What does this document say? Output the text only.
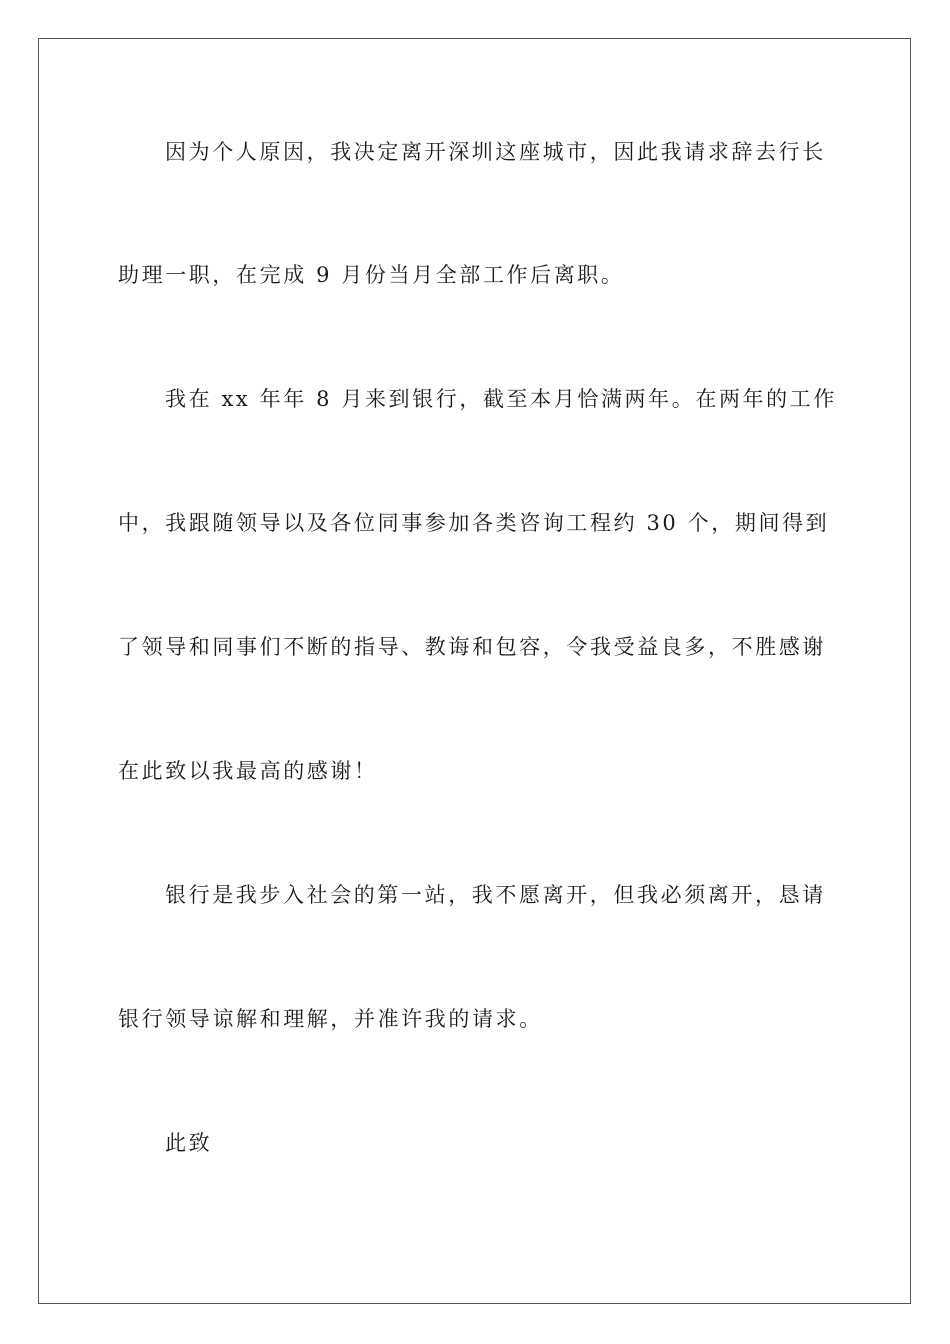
因为个人原因，我决定离开深圳这座城市，因此我请求辞去行长
助理一职，在完成 9 月份当月全部工作后离职。
我在 xx 年年 8 月来到银行，截至本月恰满两年。在两年的工作
中，我跟随领导以及各位同事参加各类咨询工程约 30 个，期间得到
了领导和同事们不断的指导、教诲和包容，令我受益良多，不胜感谢
在此致以我最高的感谢！
银行是我步入社会的第一站，我不愿离开，但我必须离开，恳请
银行领导谅解和理解，并准许我的请求。
此致
